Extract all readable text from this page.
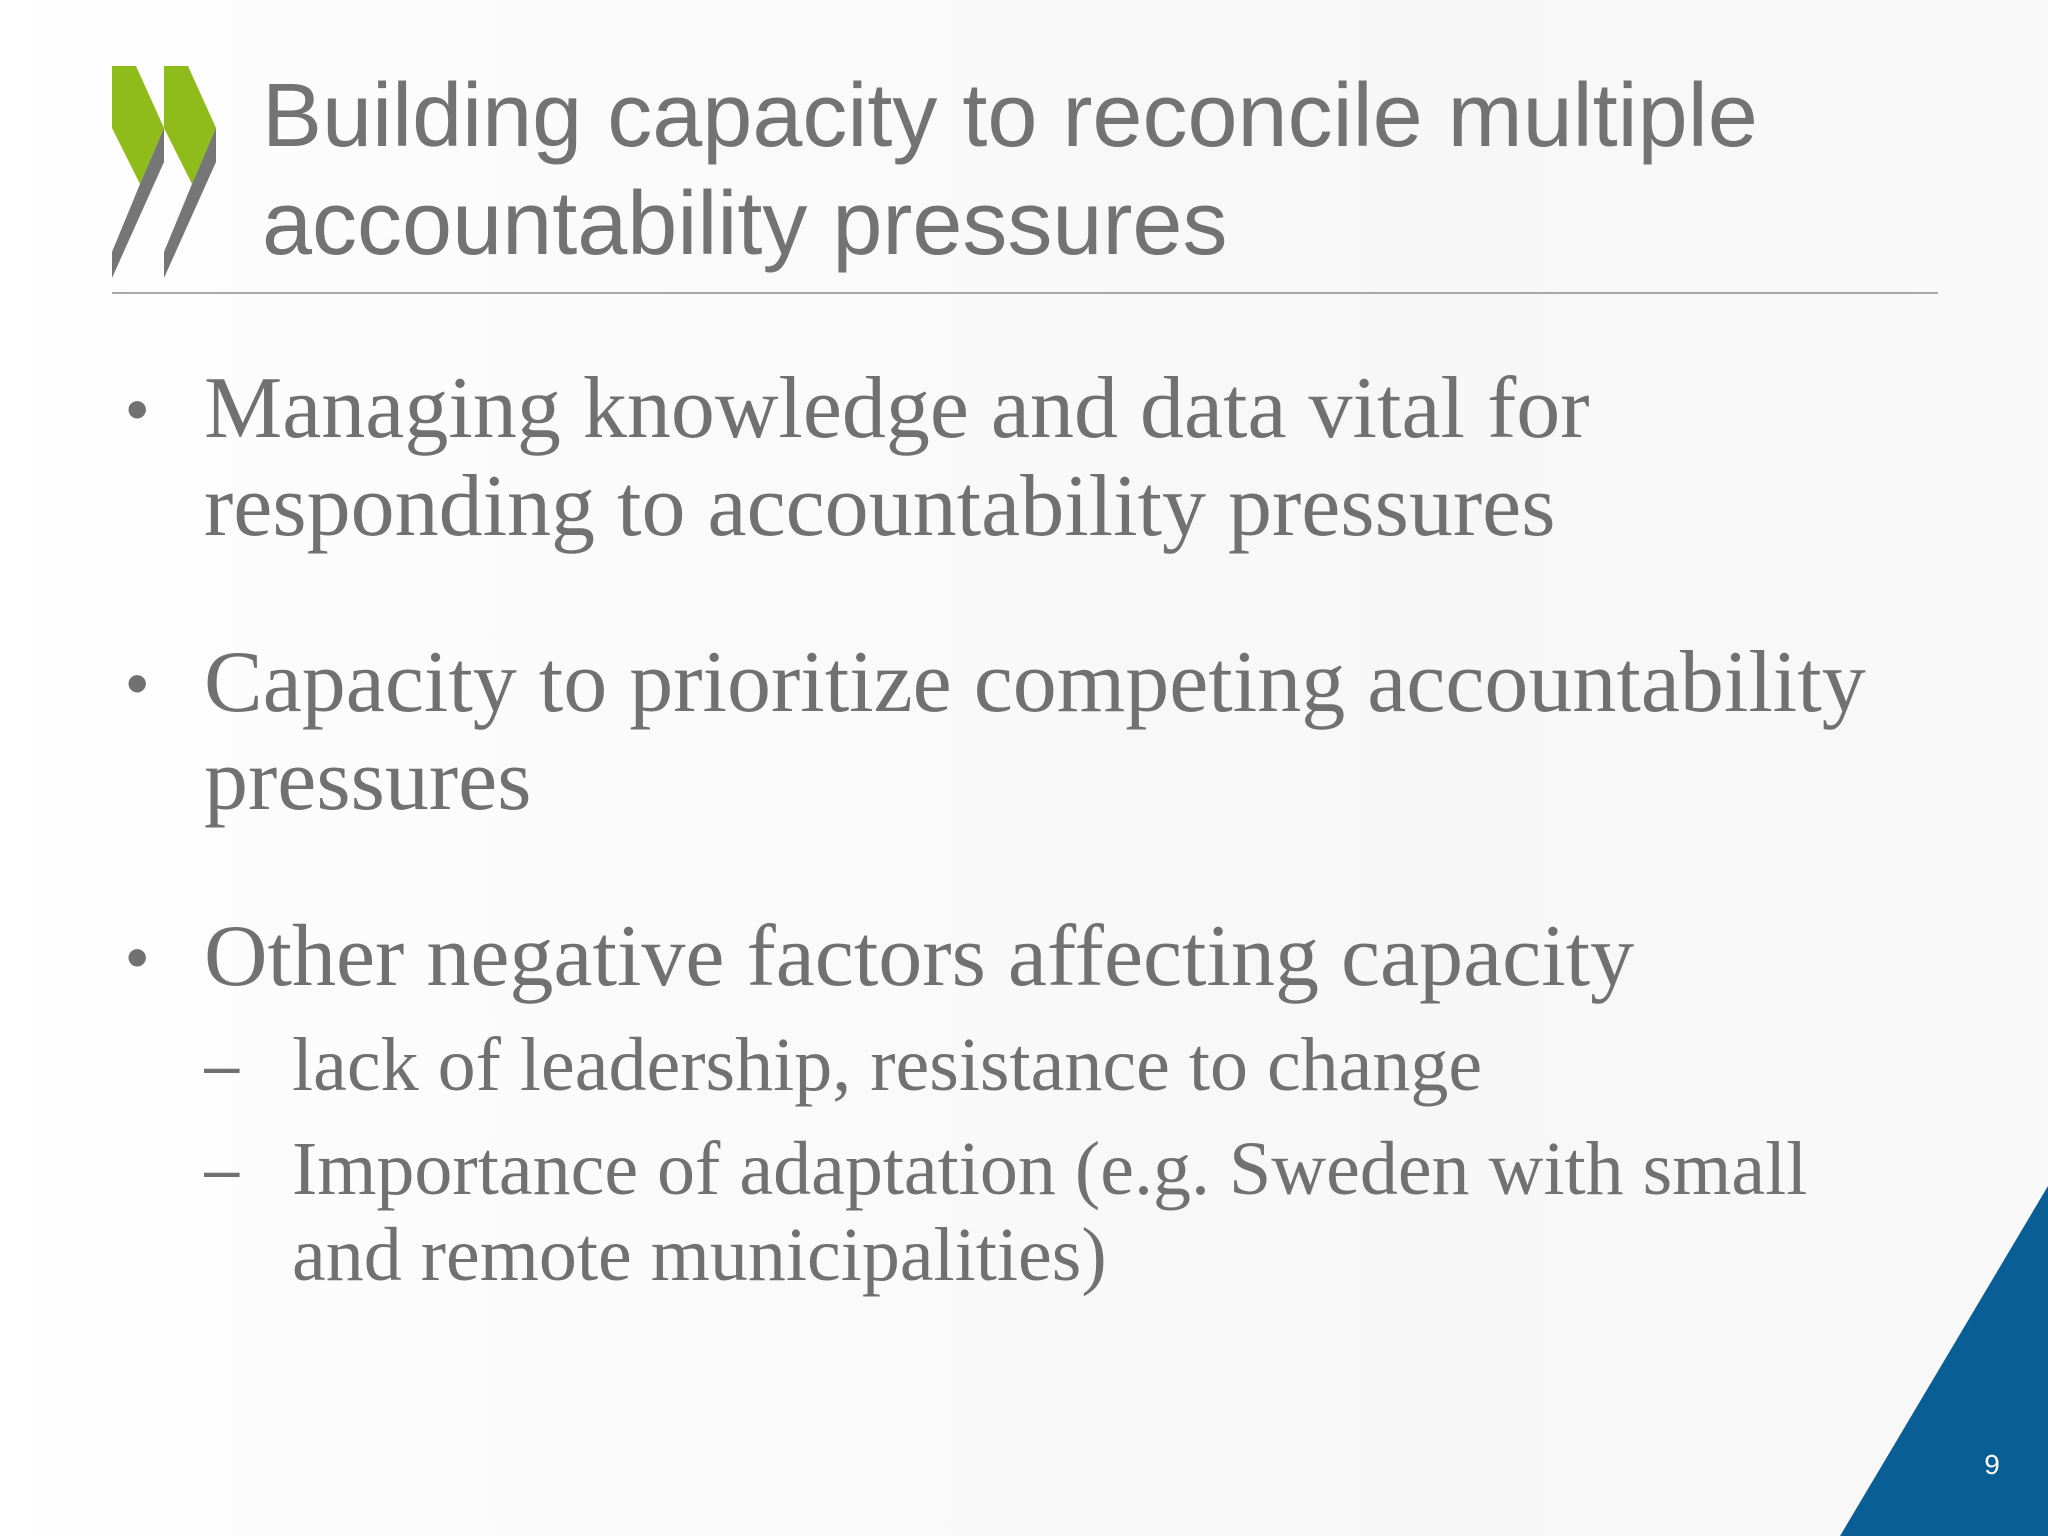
Building capacity to reconcile multiple
accountability pressures
• Managing knowledge and data vital for responding to accountability pressures
• Capacity to prioritize competing accountability pressures
• Other negative factors affecting capacity
– lack of leadership, resistance to change
– Importance of adaptation (e.g. Sweden with small and remote municipalities)
9
